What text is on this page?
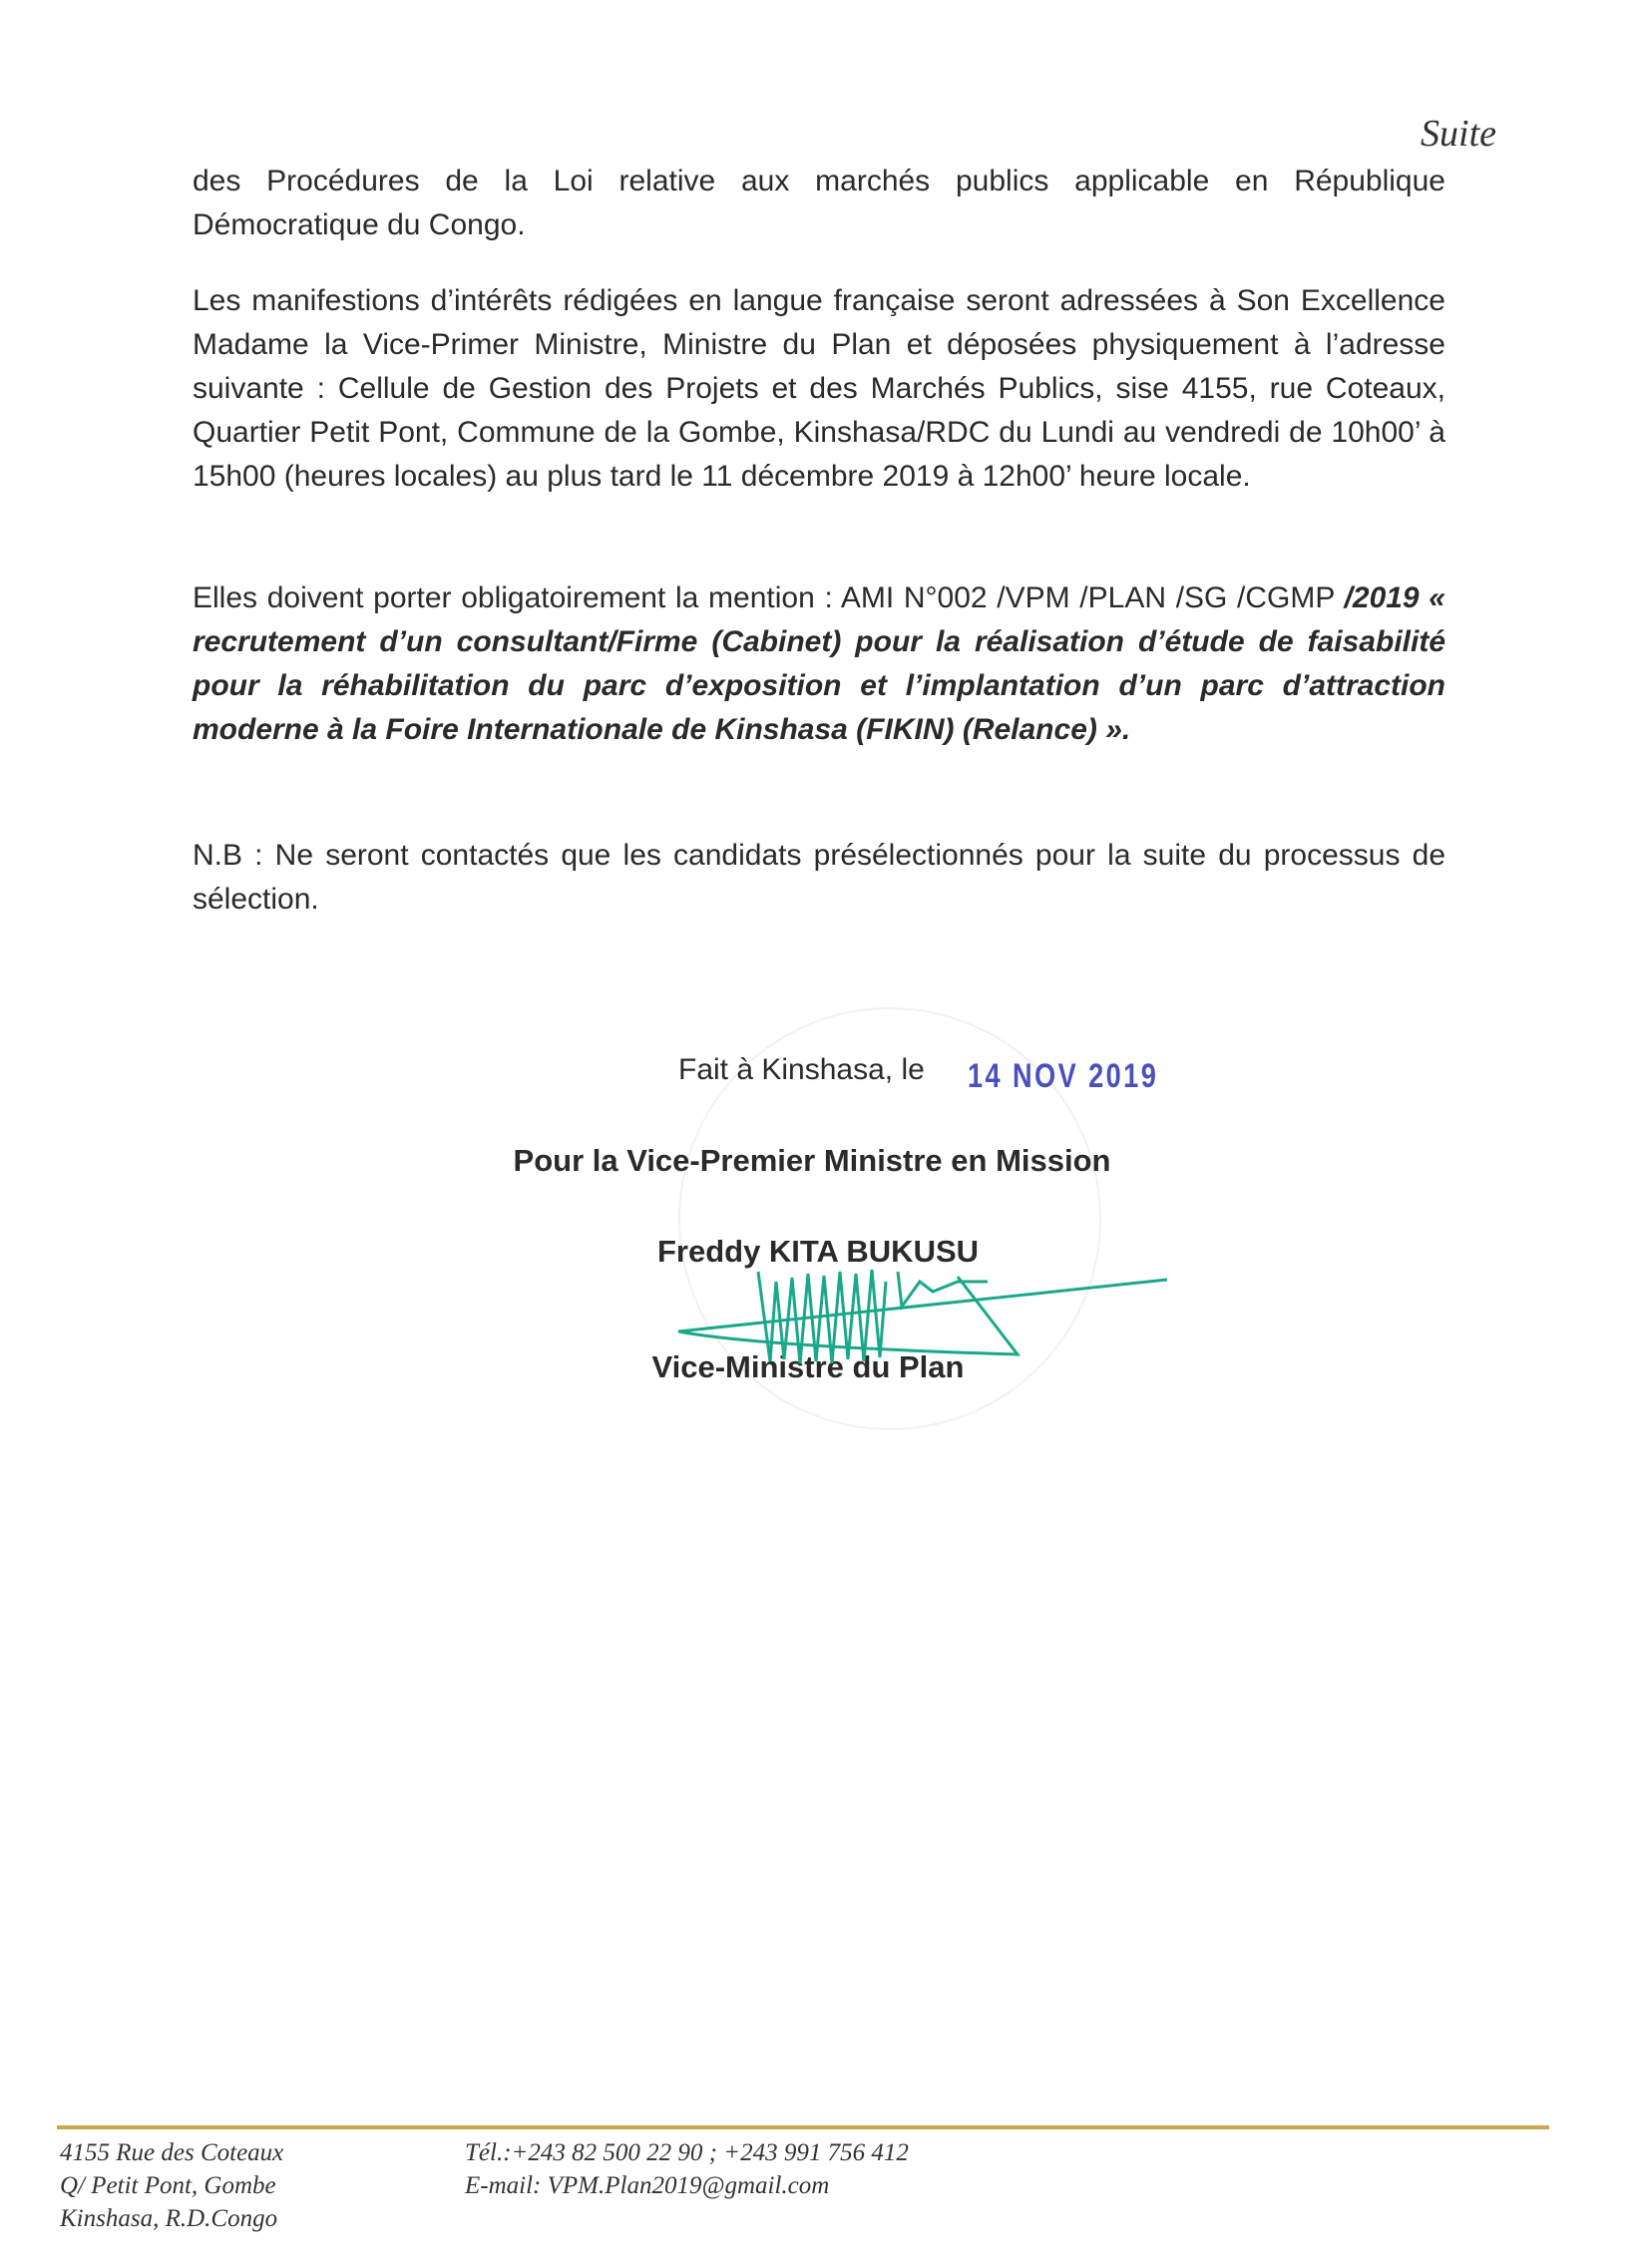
Suite
des Procédures de la Loi relative aux marchés publics applicable en République Démocratique du Congo.
Les manifestions d’intérêts rédigées en langue française seront adressées à Son Excellence Madame la Vice-Primer Ministre, Ministre du Plan et déposées physiquement à l’adresse suivante : Cellule de Gestion des Projets et des Marchés Publics, sise 4155, rue Coteaux, Quartier Petit Pont, Commune de la Gombe, Kinshasa/RDC du Lundi au vendredi de 10h00’ à 15h00 (heures locales) au plus tard le 11 décembre 2019 à 12h00’ heure locale.
Elles doivent porter obligatoirement la mention : AMI N°002 /VPM /PLAN /SG /CGMP /2019 « recrutement d’un consultant/Firme (Cabinet) pour la réalisation d’étude de faisabilité pour la réhabilitation du parc d’exposition et l’implantation d’un parc d’attraction moderne à la Foire Internationale de Kinshasa (FIKIN) (Relance) ».
N.B : Ne seront contactés que les candidats présélectionnés pour la suite du processus de sélection.
Fait à Kinshasa, le 14 NOV 2019
Pour la Vice-Premier Ministre en Mission
Freddy KITA BUKUSU
Vice-Ministre du Plan
4155 Rue des Coteaux
Q/ Petit Pont, Gombe
Kinshasa, R.D.Congo
Tél.:+243 82 500 22 90 ; +243 991 756 412
E-mail: VPM.Plan2019@gmail.com
